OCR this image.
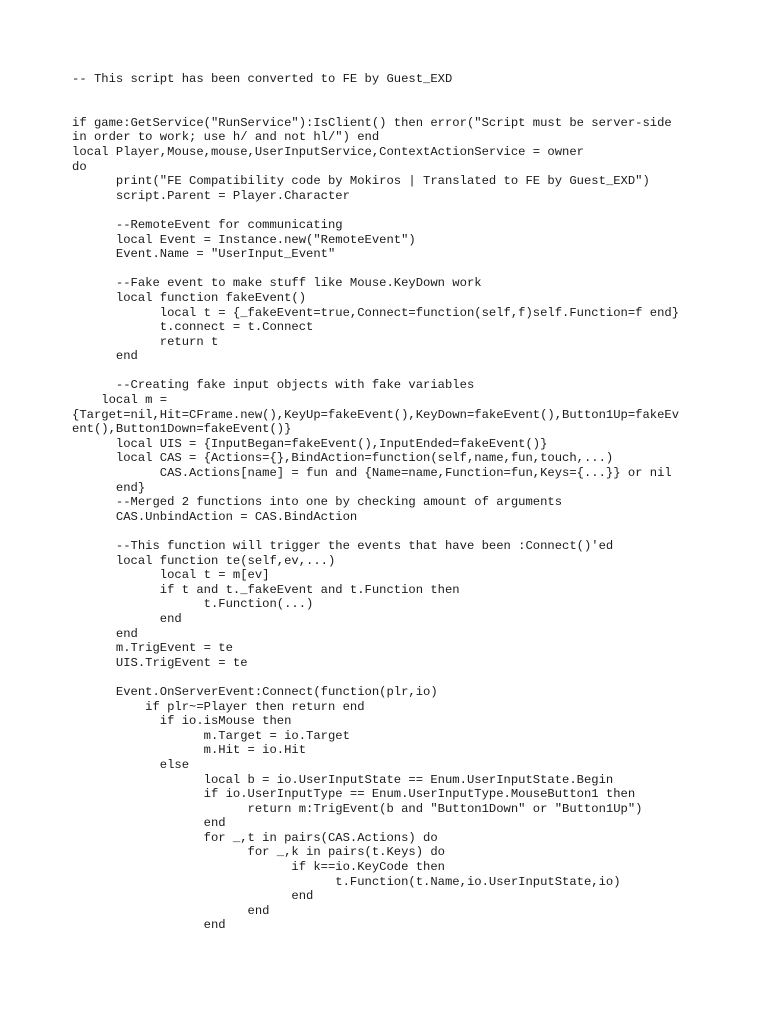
-- This script has been converted to FE by Guest_EXD
if game:GetService("RunService"):IsClient() then error("Script must be server-side
in order to work; use h/ and not hl/") end
local Player,Mouse,mouse,UserInputService,ContextActionService = owner
do
print("FE Compatibility code by Mokiros | Translated to FE by Guest_EXD")
script.Parent = Player.Character
--RemoteEvent for communicating
local Event = Instance.new("RemoteEvent")
Event.Name = "UserInput_Event"
--Fake event to make stuff like Mouse.KeyDown work
local function fakeEvent()
local t = {_fakeEvent=true,Connect=function(self,f)self.Function=f end}
t.connect = t.Connect
return t
end
--Creating fake input objects with fake variables
local m =
{Target=nil,Hit=CFrame.new(),KeyUp=fakeEvent(),KeyDown=fakeEvent(),Button1Up=fakeEv
ent(),Button1Down=fakeEvent()}
local UIS = {InputBegan=fakeEvent(),InputEnded=fakeEvent()}
local CAS = {Actions={},BindAction=function(self,name,fun,touch,...)
CAS.Actions[name] = fun and {Name=name,Function=fun,Keys={...}} or nil
end}
--Merged 2 functions into one by checking amount of arguments
CAS.UnbindAction = CAS.BindAction
--This function will trigger the events that have been :Connect()'ed
local function te(self,ev,...)
local t = m[ev]
if t and t._fakeEvent and t.Function then
t.Function(...)
end
end
m.TrigEvent = te
UIS.TrigEvent = te
Event.OnServerEvent:Connect(function(plr,io)
if plr~=Player then return end
if io.isMouse then
m.Target = io.Target
m.Hit = io.Hit
else
local b = io.UserInputState == Enum.UserInputState.Begin
if io.UserInputType == Enum.UserInputType.MouseButton1 then
return m:TrigEvent(b and "Button1Down" or "Button1Up")
end
for _,t in pairs(CAS.Actions) do
for _,k in pairs(t.Keys) do
if k==io.KeyCode then
t.Function(t.Name,io.UserInputState,io)
end
end
end
